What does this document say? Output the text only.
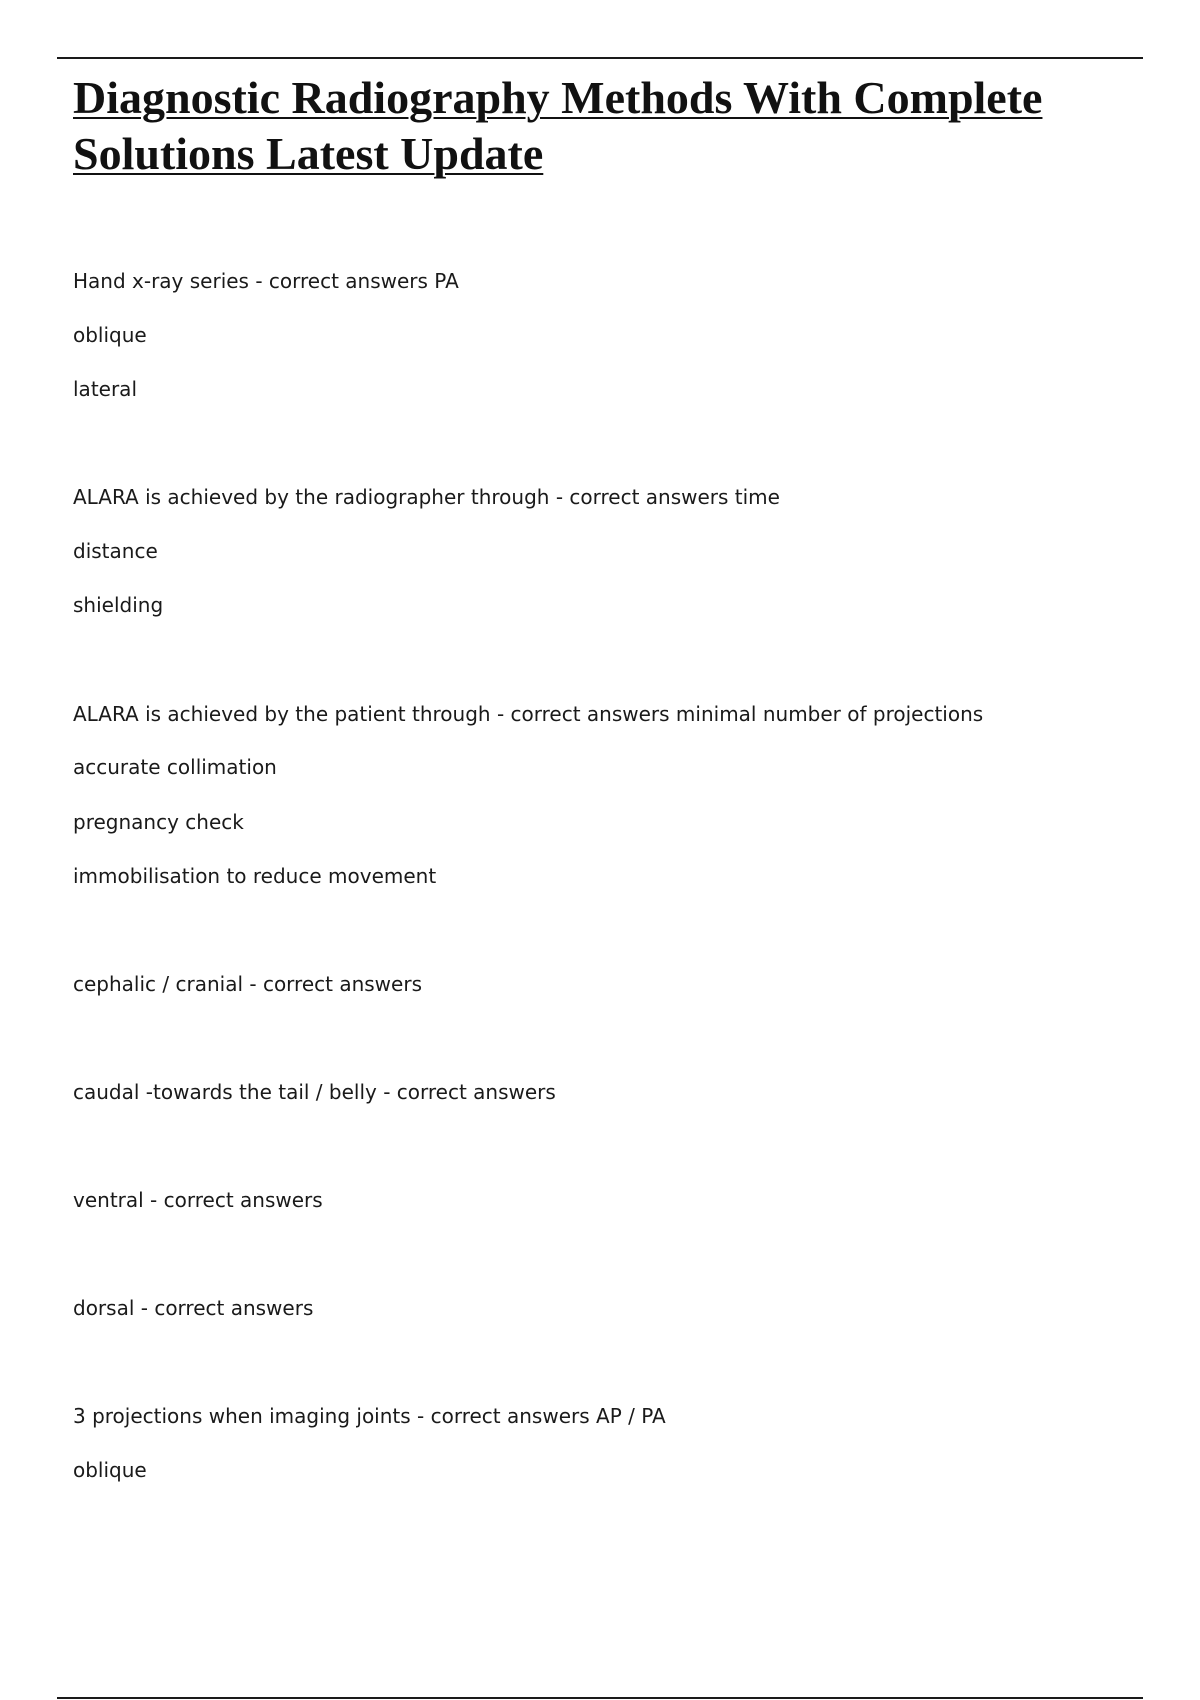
Diagnostic Radiography Methods With Complete Solutions Latest Update

Hand x-ray series - correct answers PA

oblique

lateral

ALARA is achieved by the radiographer through - correct answers time

distance

shielding

ALARA is achieved by the patient through - correct answers minimal number of projections

accurate collimation

pregnancy check

immobilisation to reduce movement

cephalic / cranial - correct answers

caudal -towards the tail / belly - correct answers

ventral - correct answers

dorsal - correct answers

3 projections when imaging joints - correct answers AP / PA

oblique
